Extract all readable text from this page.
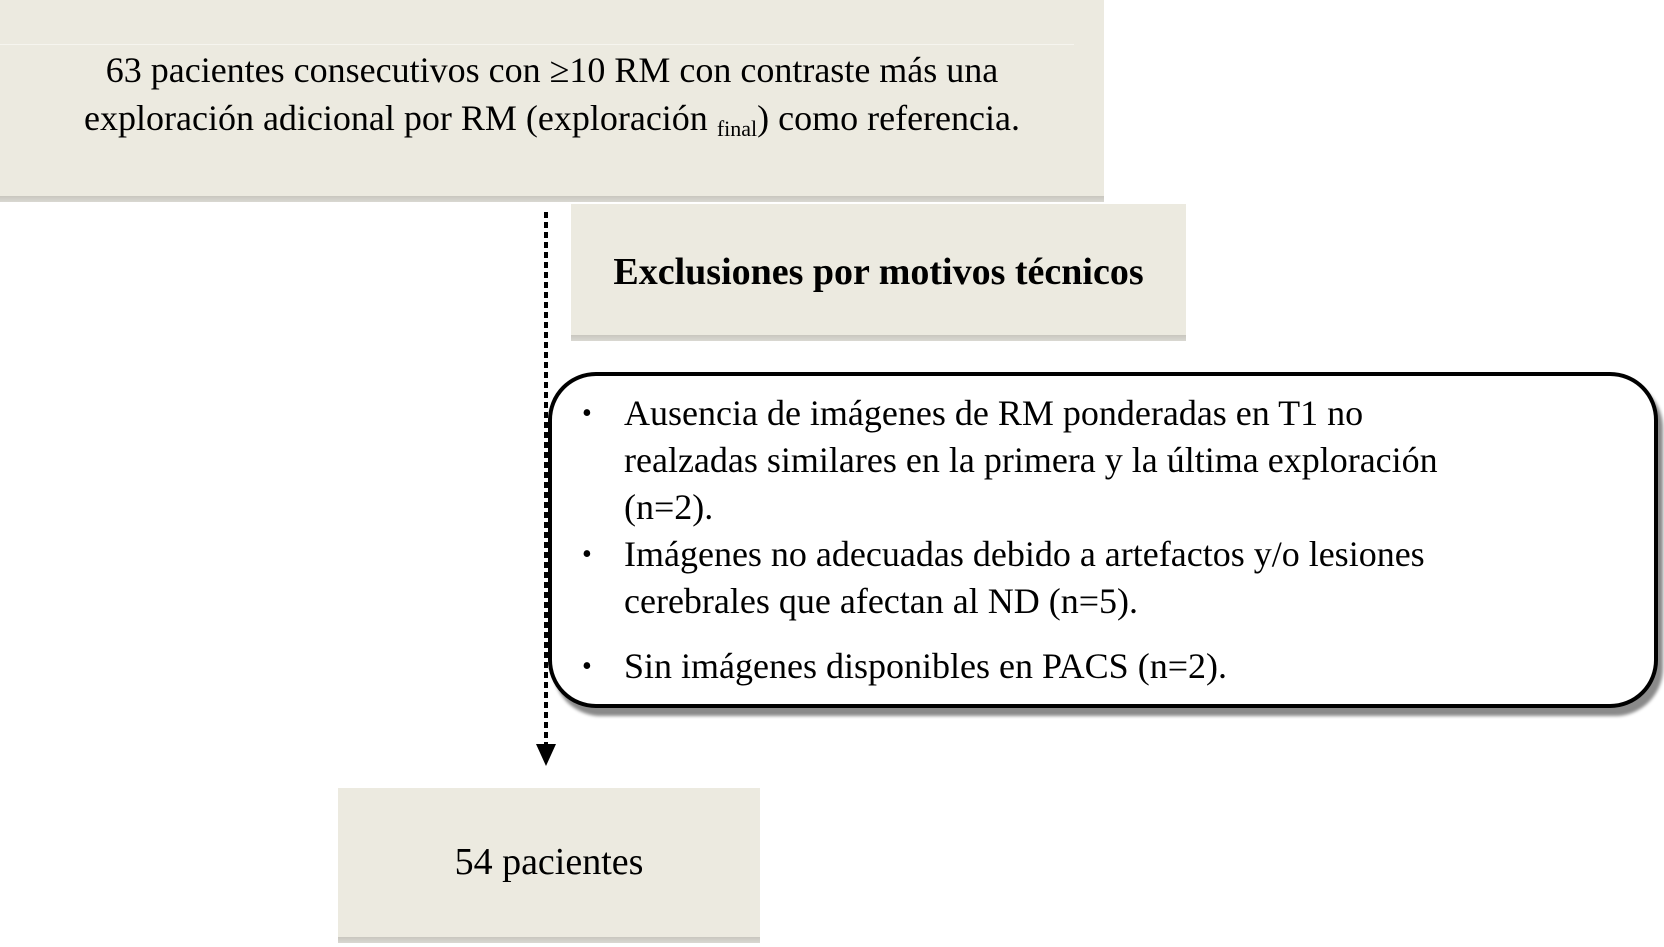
63 pacientes consecutivos con ≥10 RM con contraste más una
exploración adicional por RM (exploración $_{final}$) como referencia.
Exclusiones por motivos técnicos
• Ausencia de imágenes de RM ponderadas en T1 no
realzadas similares en la primera y la última exploración
(n=2).
• Imágenes no adecuadas debido a artefactos y/o lesiones
cerebrales que afectan al ND (n=5).
• Sin imágenes disponibles en PACS (n=2).
54 pacientes
